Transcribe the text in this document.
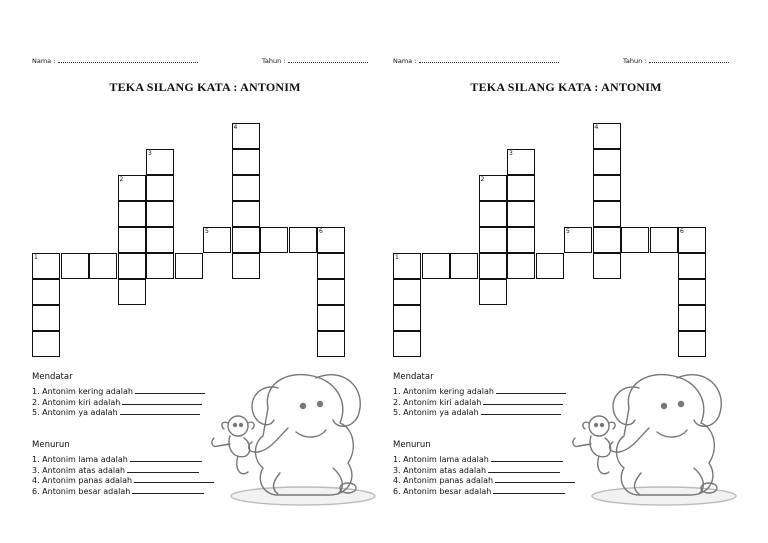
Nama :	Tahun :
TEKA SILANG KATA : ANTONIM
4
3
2
1
5	6
Mendatar
1. Antonim kering adalah
2. Antonim kiri adalah
5. Antonim ya adalah
Menurun
1. Antonim lama adalah
3. Antonim atas adalah
4. Antonim panas adalah
6. Antonim besar adalah
Nama :	Tahun :
TEKA SILANG KATA : ANTONIM
4
3
2
1
5	6
Mendatar
1. Antonim kering adalah
2. Antonim kiri adalah
5. Antonim ya adalah
Menurun
1. Antonim lama adalah
3. Antonim atas adalah
4. Antonim panas adalah
6. Antonim besar adalah
